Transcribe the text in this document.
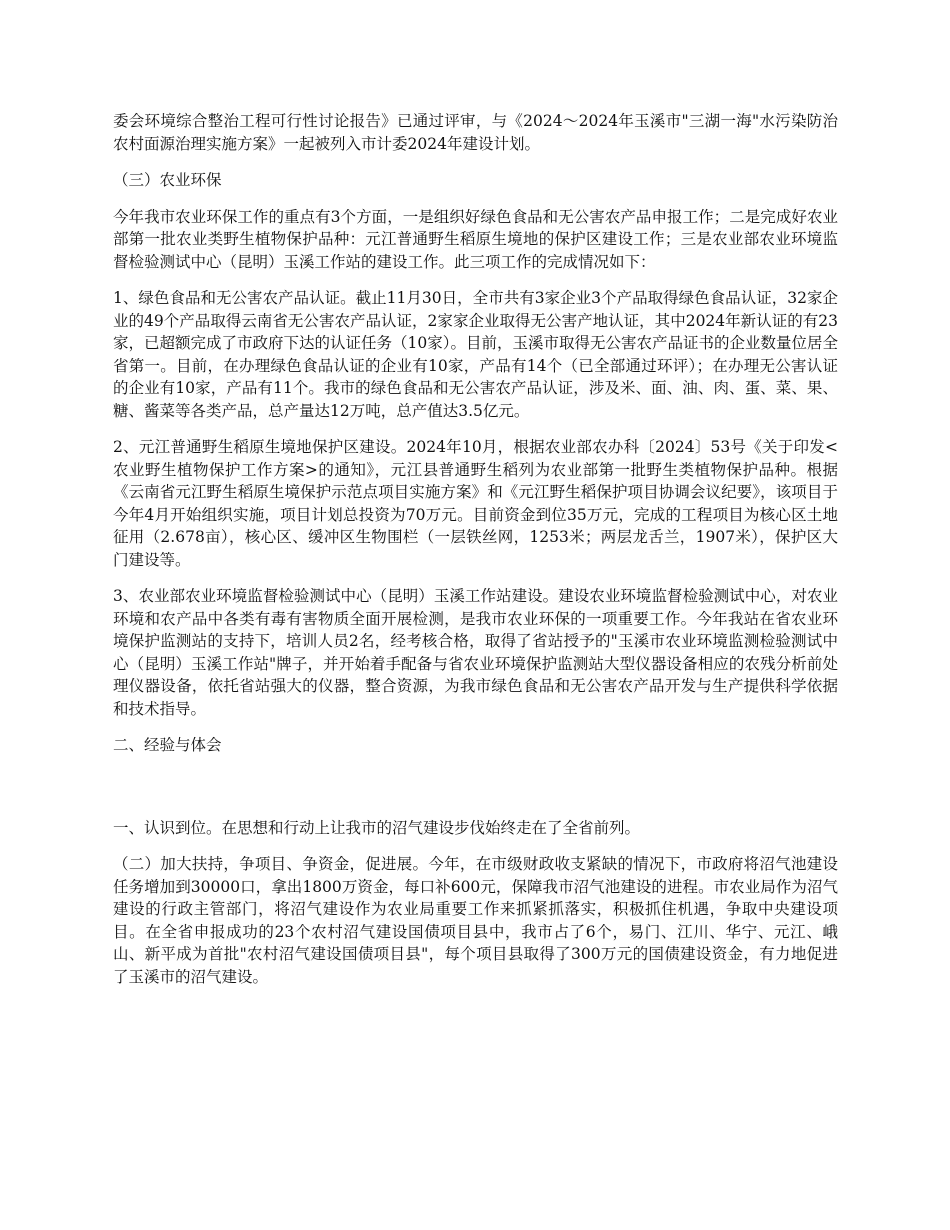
委会环境综合整治工程可行性讨论报告》已通过评审，与《2024～2024年玉溪市"三湖一海"水污染防治农村面源治理实施方案》一起被列入市计委2024年建设计划。

（三）农业环保

今年我市农业环保工作的重点有3个方面，一是组织好绿色食品和无公害农产品申报工作；二是完成好农业部第一批农业类野生植物保护品种：元江普通野生稻原生境地的保护区建设工作；三是农业部农业环境监督检验测试中心（昆明）玉溪工作站的建设工作。此三项工作的完成情况如下：

1、绿色食品和无公害农产品认证。截止11月30日，全市共有3家企业3个产品取得绿色食品认证，32家企业的49个产品取得云南省无公害农产品认证，2家家企业取得无公害产地认证，其中2024年新认证的有23家，已超额完成了市政府下达的认证任务（10家）。目前，玉溪市取得无公害农产品证书的企业数量位居全省第一。目前，在办理绿色食品认证的企业有10家，产品有14个（已全部通过环评）；在办理无公害认证的企业有10家，产品有11个。我市的绿色食品和无公害农产品认证，涉及米、面、油、肉、蛋、菜、果、糖、酱菜等各类产品，总产量达12万吨，总产值达3.5亿元。

2、元江普通野生稻原生境地保护区建设。2024年10月，根据农业部农办科〔2024〕53号《关于印发<农业野生植物保护工作方案>的通知》，元江县普通野生稻列为农业部第一批野生类植物保护品种。根据《云南省元江野生稻原生境保护示范点项目实施方案》和《元江野生稻保护项目协调会议纪要》，该项目于今年4月开始组织实施，项目计划总投资为70万元。目前资金到位35万元，完成的工程项目为核心区土地征用（2.678亩），核心区、缓冲区生物围栏（一层铁丝网，1253米；两层龙舌兰，1907米），保护区大门建设等。

3、农业部农业环境监督检验测试中心（昆明）玉溪工作站建设。建设农业环境监督检验测试中心，对农业环境和农产品中各类有毒有害物质全面开展检测，是我市农业环保的一项重要工作。今年我站在省农业环境保护监测站的支持下，培训人员2名，经考核合格，取得了省站授予的"玉溪市农业环境监测检验测试中心（昆明）玉溪工作站"牌子，并开始着手配备与省农业环境保护监测站大型仪器设备相应的农残分析前处理仪器设备，依托省站强大的仪器，整合资源，为我市绿色食品和无公害农产品开发与生产提供科学依据和技术指导。

二、经验与体会

一、认识到位。在思想和行动上让我市的沼气建设步伐始终走在了全省前列。

（二）加大扶持，争项目、争资金，促进展。今年，在市级财政收支紧缺的情况下，市政府将沼气池建设任务增加到30000口，拿出1800万资金，每口补600元，保障我市沼气池建设的进程。市农业局作为沼气建设的行政主管部门，将沼气建设作为农业局重要工作来抓紧抓落实，积极抓住机遇，争取中央建设项目。在全省申报成功的23个农村沼气建设国债项目县中，我市占了6个，易门、江川、华宁、元江、峨山、新平成为首批"农村沼气建设国债项目县"，每个项目县取得了300万元的国债建设资金，有力地促进了玉溪市的沼气建设。
